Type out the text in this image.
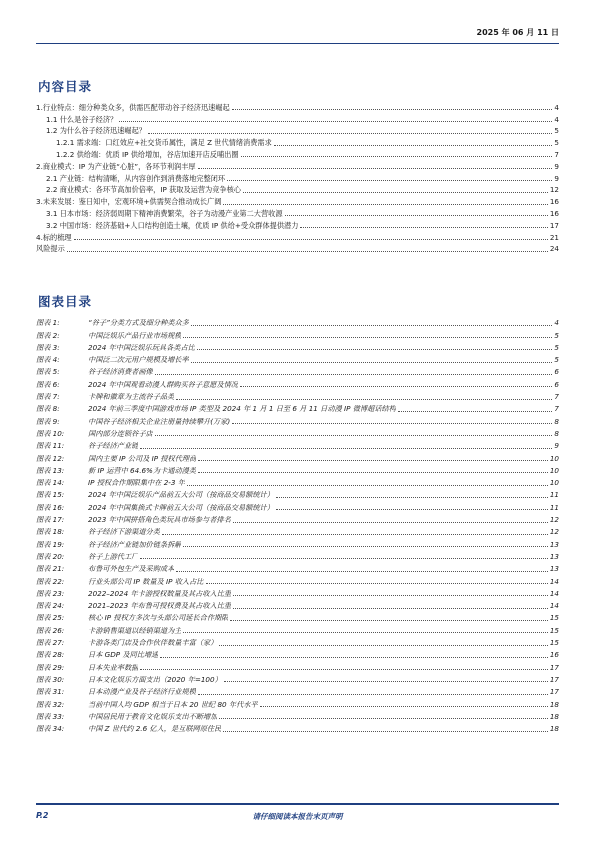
2025 年 06 月 11 日
内容目录
1.行业特点：细分种类众多，供需匹配带动谷子经济迅速崛起	4
1.1 什么是谷子经济？	4
1.2 为什么谷子经济迅速崛起？	5
1.2.1 需求端：口红效应+社交货币属性，满足 Z 世代情绪消费需求	5
1.2.2 供给端：优质 IP 供给增加，谷店加速开店反哺出圈	7
2.商业模式：IP 为产业链“心脏”，各环节利润丰厚	9
2.1 产业链：结构清晰，从内容创作到消费落地完整闭环	9
2.2 商业模式：各环节高加价倍率，IP 获取及运营为竞争核心	12
3.未来发展：鉴日知中，宏观环境+供需契合推动成长广阔	16
3.1 日本市场：经济弱周期下精神消费繁荣，谷子为动漫产业第二大营收源	16
3.2 中国市场：经济基础+人口结构创造土壤，优质 IP 供给+受众群体提供潜力	17
4.标的梳理	21
风险提示	24
图表目录
图表 1:	“谷子”分类方式及细分种类众多	4
图表 2:	中国泛娱乐产品行业市场规模	5
图表 3:	2024 年中国泛娱乐玩具各类占比	5
图表 4:	中国泛二次元用户规模及增长率	5
图表 5:	谷子经济消费者画像	6
图表 6:	2024 年中国观看动漫人群购买谷子意愿及情况	6
图表 7:	卡牌和徽章为主流谷子品类	7
图表 8:	2024 年前三季度中国游戏市场 IP 类型及 2024 年 1 月 1 日至 6 月 11 日动漫 IP 微博超话结构	7
图表 9:	中国谷子经济相关企业注册量持续攀升(万家)	8
图表 10:	国内部分连锁谷子店	8
图表 11:	谷子经济产业链	9
图表 12:	国内主要 IP 公司及 IP 授权代理商	10
图表 13:	新 IP 运营中 64.6%为卡通动漫类	10
图表 14:	IP 授权合作期限集中在 2-3 年	10
图表 15:	2024 年中国泛娱乐产品前五大公司（按商品交易额统计）	11
图表 16:	2024 年中国集换式卡牌前五大公司（按商品交易额统计）	11
图表 17:	2023 年中国拼搭角色类玩具市场参与者排名	12
图表 18:	谷子经济下游渠道分类	12
图表 19:	谷子经济产业链加价链条拆解	13
图表 20:	谷子上游代工厂	13
图表 21:	布鲁可外包生产及采购成本	13
图表 22:	行业头部公司 IP 数量及 IP 收入占比	14
图表 23:	2022–2024 年卡游授权数量及其占收入比重	14
图表 24:	2021–2023 年布鲁可授权费及其占收入比重	14
图表 25:	核心 IP 授权方多次与头部公司延长合作期限	15
图表 26:	卡游销售渠道以经销渠道为主	15
图表 27:	卡游各类门店及合作伙伴数量丰富（家）	15
图表 28:	日本 GDP 及同比增速	16
图表 29:	日本失业率数据	17
图表 30:	日本文化娱乐方面支出（2020 年=100）	17
图表 31:	日本动漫产业及谷子经济行业规模	17
图表 32:	当前中国人均 GDP 相当于日本 20 世纪 80 年代水平	18
图表 33:	中国居民用于教育文化娱乐支出不断增加	18
图表 34:	中国 Z 世代约 2.6 亿人，是互联网原住民	18
P.2	请仔细阅读本报告末页声明
